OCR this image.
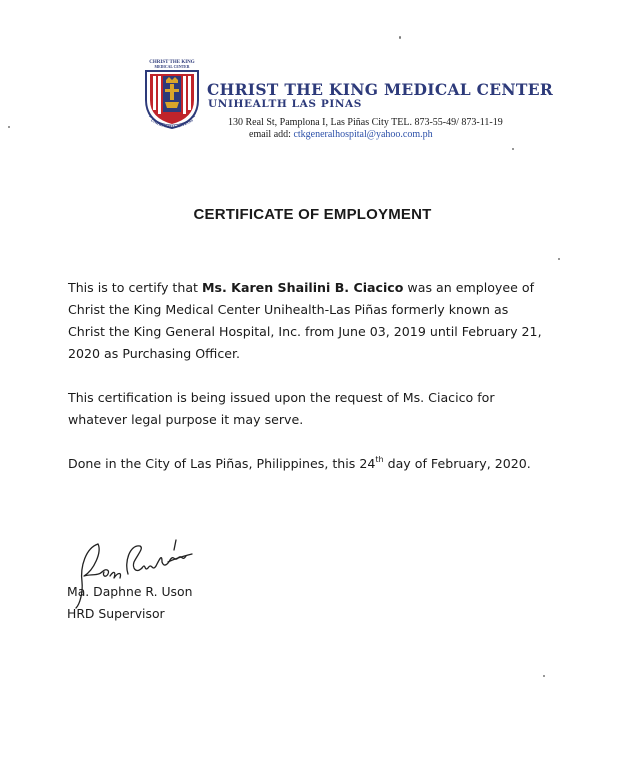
CHRIST THE KING
MEDICAL CENTER
UNIHEALTH LAS PINAS
CHRIST THE KING MEDICAL CENTER
UNIHEALTH LAS PINAS
130 Real St, Pamplona I, Las Piñas City TEL. 873-55-49/ 873-11-19
email add: ctkgeneralhospital@yahoo.com.ph
CERTIFICATE OF EMPLOYMENT

This is to certify that Ms. Karen Shailini B. Ciacico was an employee of Christ the King Medical Center Unihealth-Las Piñas formerly known as Christ the King General Hospital, Inc. from June 03, 2019 until February 21, 2020 as Purchasing Officer.

This certification is being issued upon the request of Ms. Ciacico for whatever legal purpose it may serve.

Done in the City of Las Piñas, Philippines, this 24th day of February, 2020.

Ma. Daphne R. Uson
HRD Supervisor
